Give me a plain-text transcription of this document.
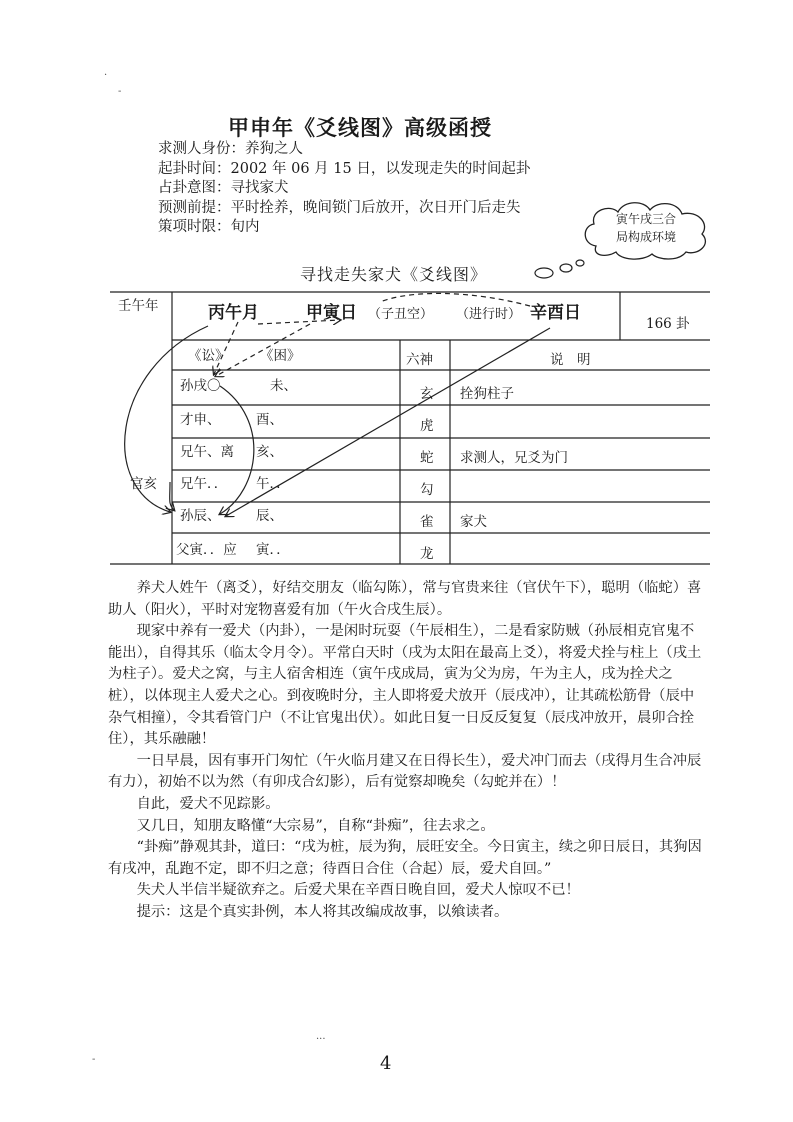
甲申年《爻线图》高级函授
求测人身份：养狗之人
起卦时间：2002 年 06 月 15 日，以发现走失的时间起卦
占卦意图：寻找家犬
预测前提：平时拴养，晚间锁门后放开，次日开门后走失
策项时限：旬内
寅午戌三合
局构成环境
寻找走失家犬《爻线图》
壬午年	丙午月	甲寅日 （子丑空） （进行时） 辛酉日
166 卦
《讼》 《困》	六神	说　明
官亥
孙戌〇	未、	玄 拴狗柱子
才申、	酉、	虎
兄午、离 亥、	蛇 求测人，兄爻为门
兄午．． 午．．	勾
孙辰、	辰、	雀 家犬
父寅．．应 寅．．	龙

　　养犬人姓午（离爻），好结交朋友（临勾陈），常与官贵来往（官伏午下），聪明（临蛇）喜助人（阳火），平时对宠物喜爱有加（午火合戌生辰）。

　　现家中养有一爱犬（内卦），一是闲时玩耍（午辰相生），二是看家防贼（孙辰相克官鬼不能出），自得其乐（临太令月令）。平常白天时（戌为太阳在最高上爻），将爱犬拴与柱上（戌土为柱子）。爱犬之窝，与主人宿舍相连（寅午戌成局，寅为父为房，午为主人，戌为拴犬之桩），以体现主人爱犬之心。到夜晚时分，主人即将爱犬放开（辰戌冲），让其疏松筋骨（辰中杂气相撞），令其看管门户（不让官鬼出伏）。如此日复一日反反复复（辰戌冲放开，晨卯合拴住），其乐融融！

　　一日早晨，因有事开门匆忙（午火临月建又在日得长生），爱犬冲门而去（戌得月生合冲辰有力），初始不以为然（有卯戌合幻影），后有觉察却晚矣（勾蛇并在）！

　　自此，爱犬不见踪影。

　　又几日，知朋友略懂“大宗易”，自称“卦痴”，往去求之。

　　“卦痴”静观其卦，道曰：“戌为桩，辰为狗，辰旺安全。今日寅主，续之卯日辰日，其狗因有戌冲，乱跑不定，即不归之意；待酉日合住（合起）辰，爱犬自回。”

　　失犬人半信半疑欲弃之。后爱犬果在辛酉日晚自回，爱犬人惊叹不已！

　　提示：这是个真实卦例，本人将其改编成故事，以飨读者。

4
·
-
-
···
